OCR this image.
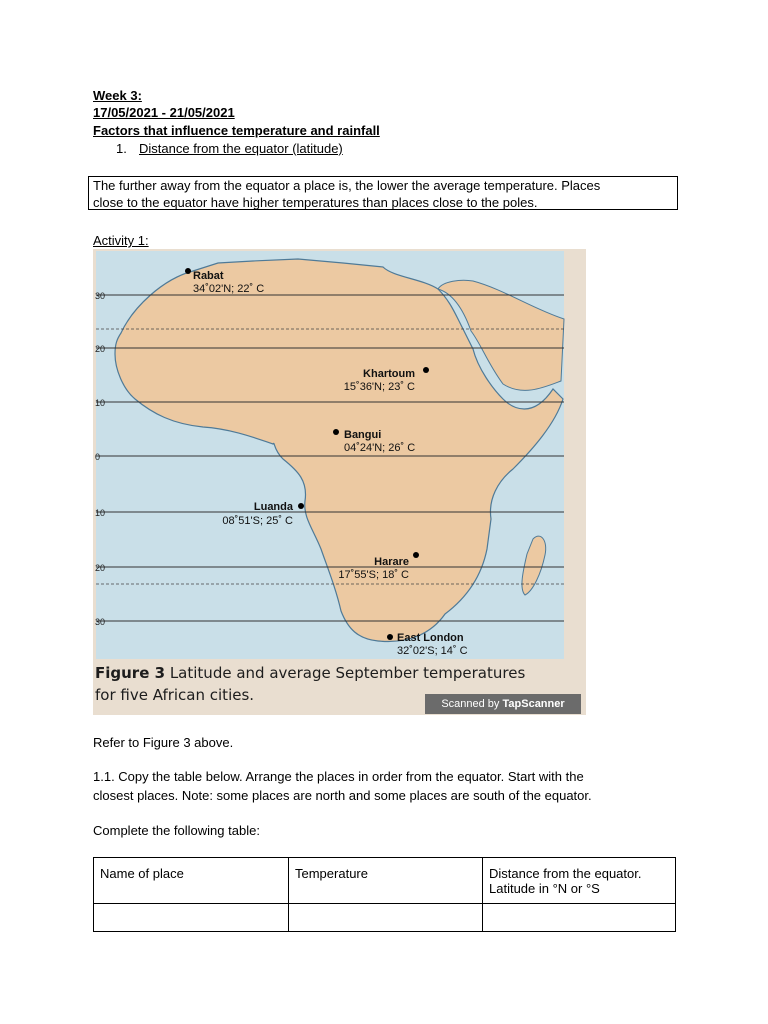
Week 3:
17/05/2021 - 21/05/2021
Factors that influence temperature and rainfall
1. Distance from the equator (latitude)
The further away from the equator a place is, the lower the average temperature. Places
close to the equator have higher temperatures than places close to the poles.
Activity 1:
30
20
10
0
10
20
30
Rabat
34˚02'N; 22˚ C
Khartoum
15˚36'N; 23˚ C
Bangui
04˚24'N; 26˚ C
Luanda
08˚51'S; 25˚ C
Harare
17˚55'S; 18˚ C
East London
32˚02'S; 14˚ C
Figure 3 Latitude and average September temperatures
for five African cities.	Scanned by TapScanner
Refer to Figure 3 above.
1.1. Copy the table below. Arrange the places in order from the equator. Start with the
closest places. Note: some places are north and some places are south of the equator.
Complete the following table:
Name of place	Temperature	Distance from the equator.
Latitude in °N or °S
